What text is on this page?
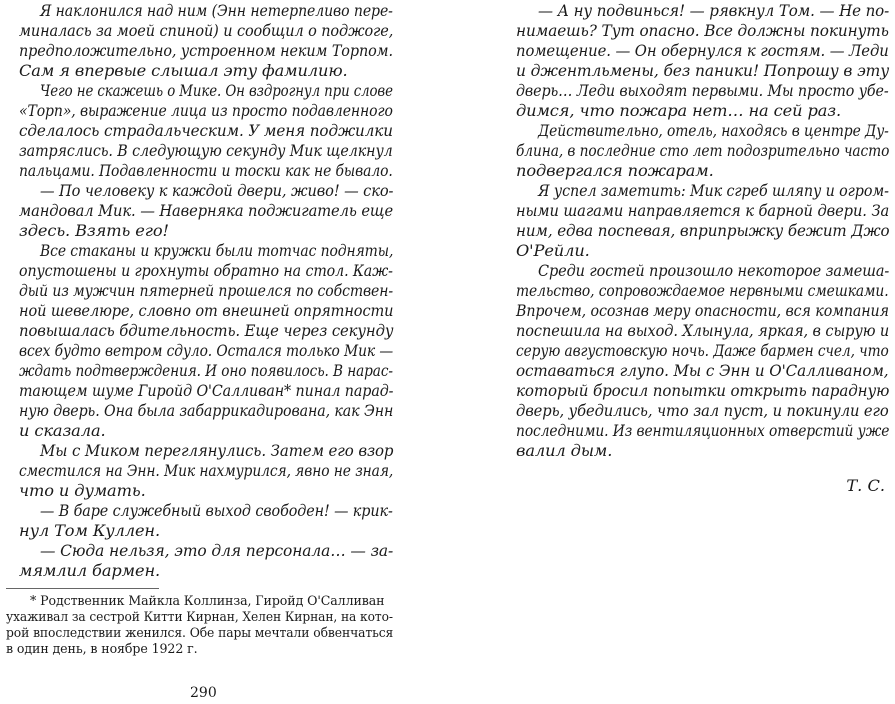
Я наклонился над ним (Энн нетерпеливо пере-
миналась за моей спиной) и сообщил о поджоге,
предположительно, устроенном неким Торпом.
Сам я впервые слышал эту фамилию.
Чего не скажешь о Мике. Он вздрогнул при слове
«Торп», выражение лица из просто подавленного
сделалось страдальческим. У меня поджилки
затряслись. В следующую секунду Мик щелкнул
пальцами. Подавленности и тоски как не бывало.
— По человеку к каждой двери, живо! — ско-
мандовал Мик. — Наверняка поджигатель еще
здесь. Взять его!
Все стаканы и кружки были тотчас подняты,
опустошены и грохнуты обратно на стол. Каж-
дый из мужчин пятерней прошелся по собствен-
ной шевелюре, словно от внешней опрятности
повышалась бдительность. Еще через секунду
всех будто ветром сдуло. Остался только Мик —
ждать подтверждения. И оно появилось. В нарас-
тающем шуме Гиройд О'Салливан* пинал парад-
ную дверь. Она была забаррикадирована, как Энн
и сказала.
Мы с Миком переглянулись. Затем его взор
сместился на Энн. Мик нахмурился, явно не зная,
что и думать.
— В баре служебный выход свободен! — крик-
нул Том Куллен.
— Сюда нельзя, это для персонала… — за-
мямлил бармен.
* Родственник Майкла Коллинза, Гиройд О'Салливан
ухаживал за сестрой Китти Кирнан, Хелен Кирнан, на кото-
рой впоследствии женился. Обе пары мечтали обвенчаться
в один день, в ноябре 1922 г.
290
— А ну подвинься! — рявкнул Том. — Не по-
нимаешь? Тут опасно. Все должны покинуть
помещение. — Он обернулся к гостям. — Леди
и джентльмены, без паники! Попрошу в эту
дверь… Леди выходят первыми. Мы просто убе-
димся, что пожара нет… на сей раз.
Действительно, отель, находясь в центре Ду-
блина, в последние сто лет подозрительно часто
подвергался пожарам.
Я успел заметить: Мик сгреб шляпу и огром-
ными шагами направляется к барной двери. За
ним, едва поспевая, вприпрыжку бежит Джо
О'Рейли.
Среди гостей произошло некоторое замеша-
тельство, сопровождаемое нервными смешками.
Впрочем, осознав меру опасности, вся компания
поспешила на выход. Хлынула, яркая, в сырую и
серую августовскую ночь. Даже бармен счел, что
оставаться глупо. Мы с Энн и О'Салливаном,
который бросил попытки открыть парадную
дверь, убедились, что зал пуст, и покинули его
последними. Из вентиляционных отверстий уже
валил дым.
Т. С.
